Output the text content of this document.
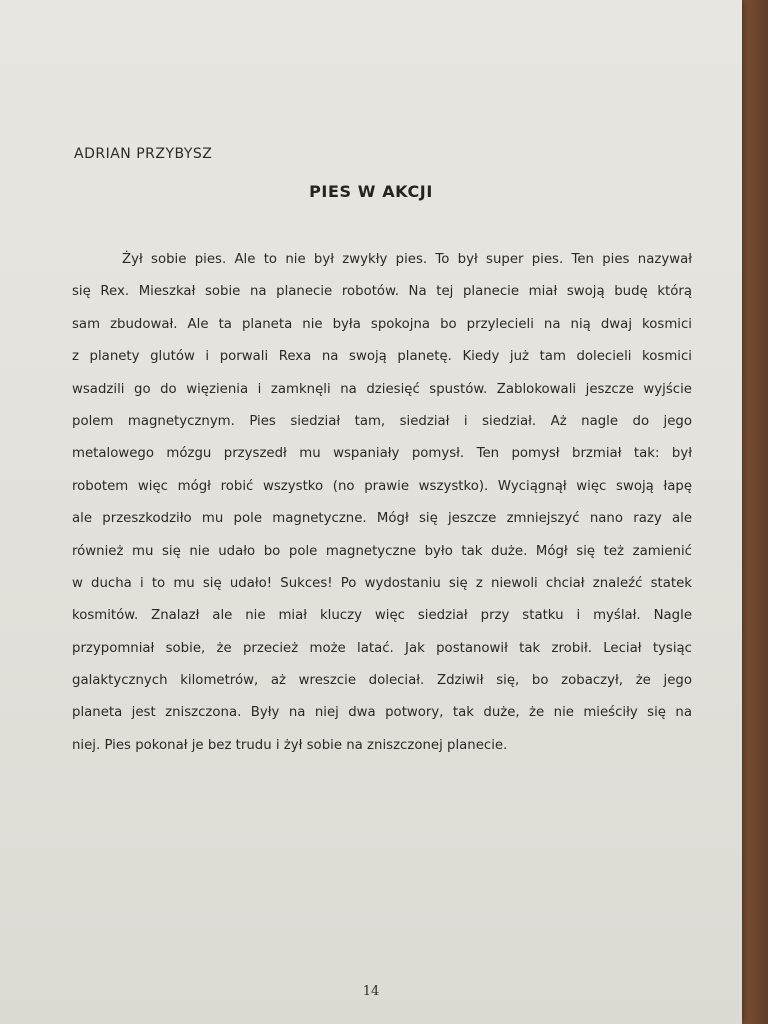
ADRIAN PRZYBYSZ
PIES W AKCJI
Żył sobie pies. Ale to nie był zwykły pies. To był super pies. Ten pies nazywał
się Rex. Mieszkał sobie na planecie robotów. Na tej planecie miał swoją budę którą
sam zbudował. Ale ta planeta nie była spokojna bo przylecieli na nią dwaj kosmici
z planety glutów i porwali Rexa na swoją planetę. Kiedy już tam dolecieli kosmici
wsadzili go do więzienia i zamknęli na dziesięć spustów. Zablokowali jeszcze wyjście
polem magnetycznym. Pies siedział tam, siedział i siedział. Aż nagle do jego
metalowego mózgu przyszedł mu wspaniały pomysł. Ten pomysł brzmiał tak: był
robotem więc mógł robić wszystko (no prawie wszystko). Wyciągnął więc swoją łapę
ale przeszkodziło mu pole magnetyczne. Mógł się jeszcze zmniejszyć nano razy ale
również mu się nie udało bo pole magnetyczne było tak duże. Mógł się też zamienić
w ducha i to mu się udało! Sukces! Po wydostaniu się z niewoli chciał znaleźć statek
kosmitów. Znalazł ale nie miał kluczy więc siedział przy statku i myślał. Nagle
przypomniał sobie, że przecież może latać. Jak postanowił tak zrobił. Leciał tysiąc
galaktycznych kilometrów, aż wreszcie doleciał. Zdziwił się, bo zobaczył, że jego
planeta jest zniszczona. Były na niej dwa potwory, tak duże, że nie mieściły się na
niej. Pies pokonał je bez trudu i żył sobie na zniszczonej planecie.
14
